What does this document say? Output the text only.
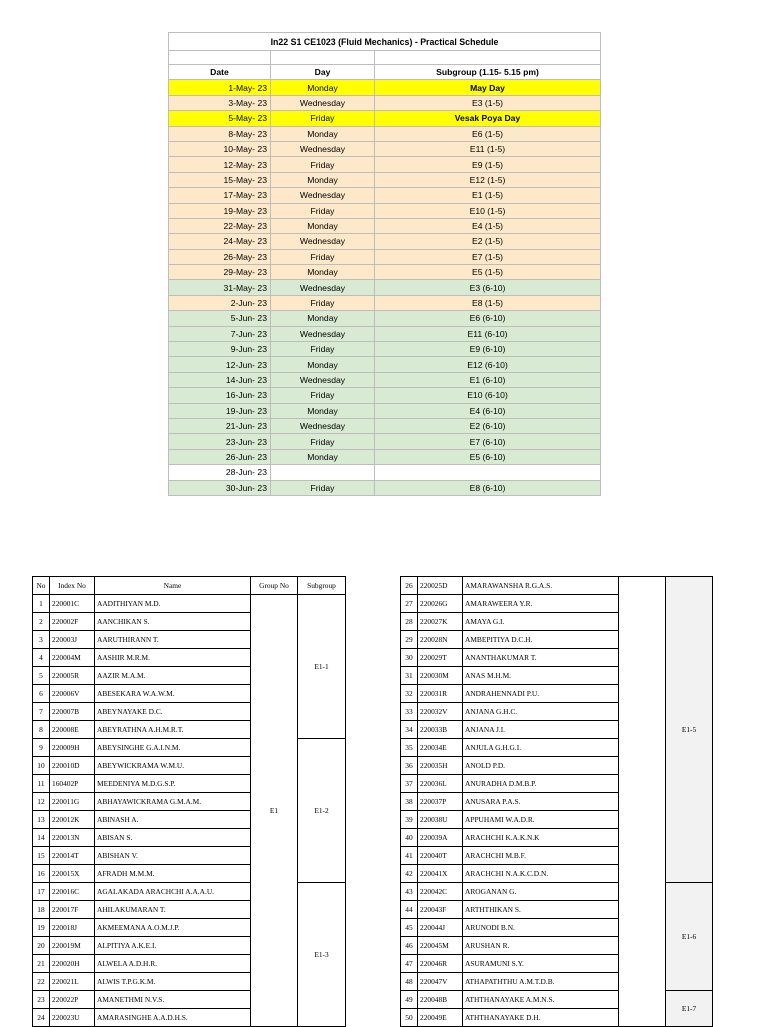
In22 S1 CE1023 (Fluid Mechanics) - Practical Schedule		

Date	Day	Subgroup (1.15- 5.15 pm)
1-May- 23	Monday	May Day
3-May- 23	Wednesday	E3 (1-5)
5-May- 23	Friday	Vesak Poya Day
8-May- 23	Monday	E6 (1-5)
10-May- 23	Wednesday	E11 (1-5)
12-May- 23	Friday	E9 (1-5)
15-May- 23	Monday	E12 (1-5)
17-May- 23	Wednesday	E1 (1-5)
19-May- 23	Friday	E10 (1-5)
22-May- 23	Monday	E4 (1-5)
24-May- 23	Wednesday	E2 (1-5)
26-May- 23	Friday	E7 (1-5)
29-May- 23	Monday	E5 (1-5)
31-May- 23	Wednesday	E3 (6-10)
2-Jun- 23	Friday	E8 (1-5)
5-Jun- 23	Monday	E6 (6-10)
7-Jun- 23	Wednesday	E11 (6-10)
9-Jun- 23	Friday	E9 (6-10)
12-Jun- 23	Monday	E12 (6-10)
14-Jun- 23	Wednesday	E1 (6-10)
16-Jun- 23	Friday	E10 (6-10)
19-Jun- 23	Monday	E4 (6-10)
21-Jun- 23	Wednesday	E2 (6-10)
23-Jun- 23	Friday	E7 (6-10)
26-Jun- 23	Monday	E5 (6-10)
28-Jun- 23		
30-Jun- 23	Friday	E8 (6-10)
No	Index No	Name	Group No	Subgroup
1	220001C	AADITHIYAN M.D.	E1	E1-1
2	220002F	AANCHIKAN S.		
3	220003J	AARUTHIRANN T.		
4	220004M	AASHIR M.R.M.		
5	220005R	AAZIR M.A.M.		
6	220006V	ABESEKARA W.A.W.M.		
7	220007B	ABEYNAYAKE D.C.		
8	220008E	ABEYRATHNA A.H.M.R.T.		
9	220009H	ABEYSINGHE G.A.I.N.M.		E1-2
10	220010D	ABEYWICKRAMA W.M.U.		
11	160402P	MEEDENIYA M.D.G.S.P.		
12	220011G	ABHAYAWICKRAMA G.M.A.M.		
13	220012K	ABINASH A.		
14	220013N	ABISAN S.		
15	220014T	ABISHAN V.		
16	220015X	AFRADH M.M.M.		
17	220016C	AGALAKADA ARACHCHI A.A.A.U.		E1-3
18	220017F	AHILAKUMARAN T.		
19	220018J	AKMEEMANA A.O.M.J.P.		
20	220019M	ALPITIYA A.K.E.I.		
21	220020H	ALWELA A.D.H.R.		
22	220021L	ALWIS T.P.G.K.M.		
23	220022P	AMANETHMI N.V.S.		
24	220023U	AMARASINGHE A.A.D.H.S.		
26	220025D	AMARAWANSHA R.G.A.S.		E1-5
27	220026G	AMARAWEERA Y.R.		
28	220027K	AMAYA G.I.		
29	220028N	AMBEPITIYA D.C.H.		
30	220029T	ANANTHAKUMAR T.		
31	220030M	ANAS M.H.M.		
32	220031R	ANDRAHENNADI P.U.		
33	220032V	ANJANA G.H.C.		
34	220033B	ANJANA J.I.		
35	220034E	ANJULA G.H.G.I.		
36	220035H	ANOLD P.D.		
37	220036L	ANURADHA D.M.B.P.		
38	220037P	ANUSARA P.A.S.		
39	220038U	APPUHAMI W.A.D.R.		
40	220039A	ARACHCHI K.A.K.N.K		
41	220040T	ARACHCHI M.B.F.		
42	220041X	ARACHCHI N.A.K.C.D.N.		
43	220042C	AROGANAN G.		E1-6
44	220043F	ARTHTHIKAN S.		
45	220044J	ARUNODI B.N.		
46	220045M	ARUSHAN R.		
47	220046R	ASURAMUNI S.Y.		
48	220047V	ATHAPATHTHU A.M.T.D.B.		
49	220048B	ATHTHANAYAKE A.M.N.S.		E1-7
50	220049E	ATHTHANAYAKE D.H.		
